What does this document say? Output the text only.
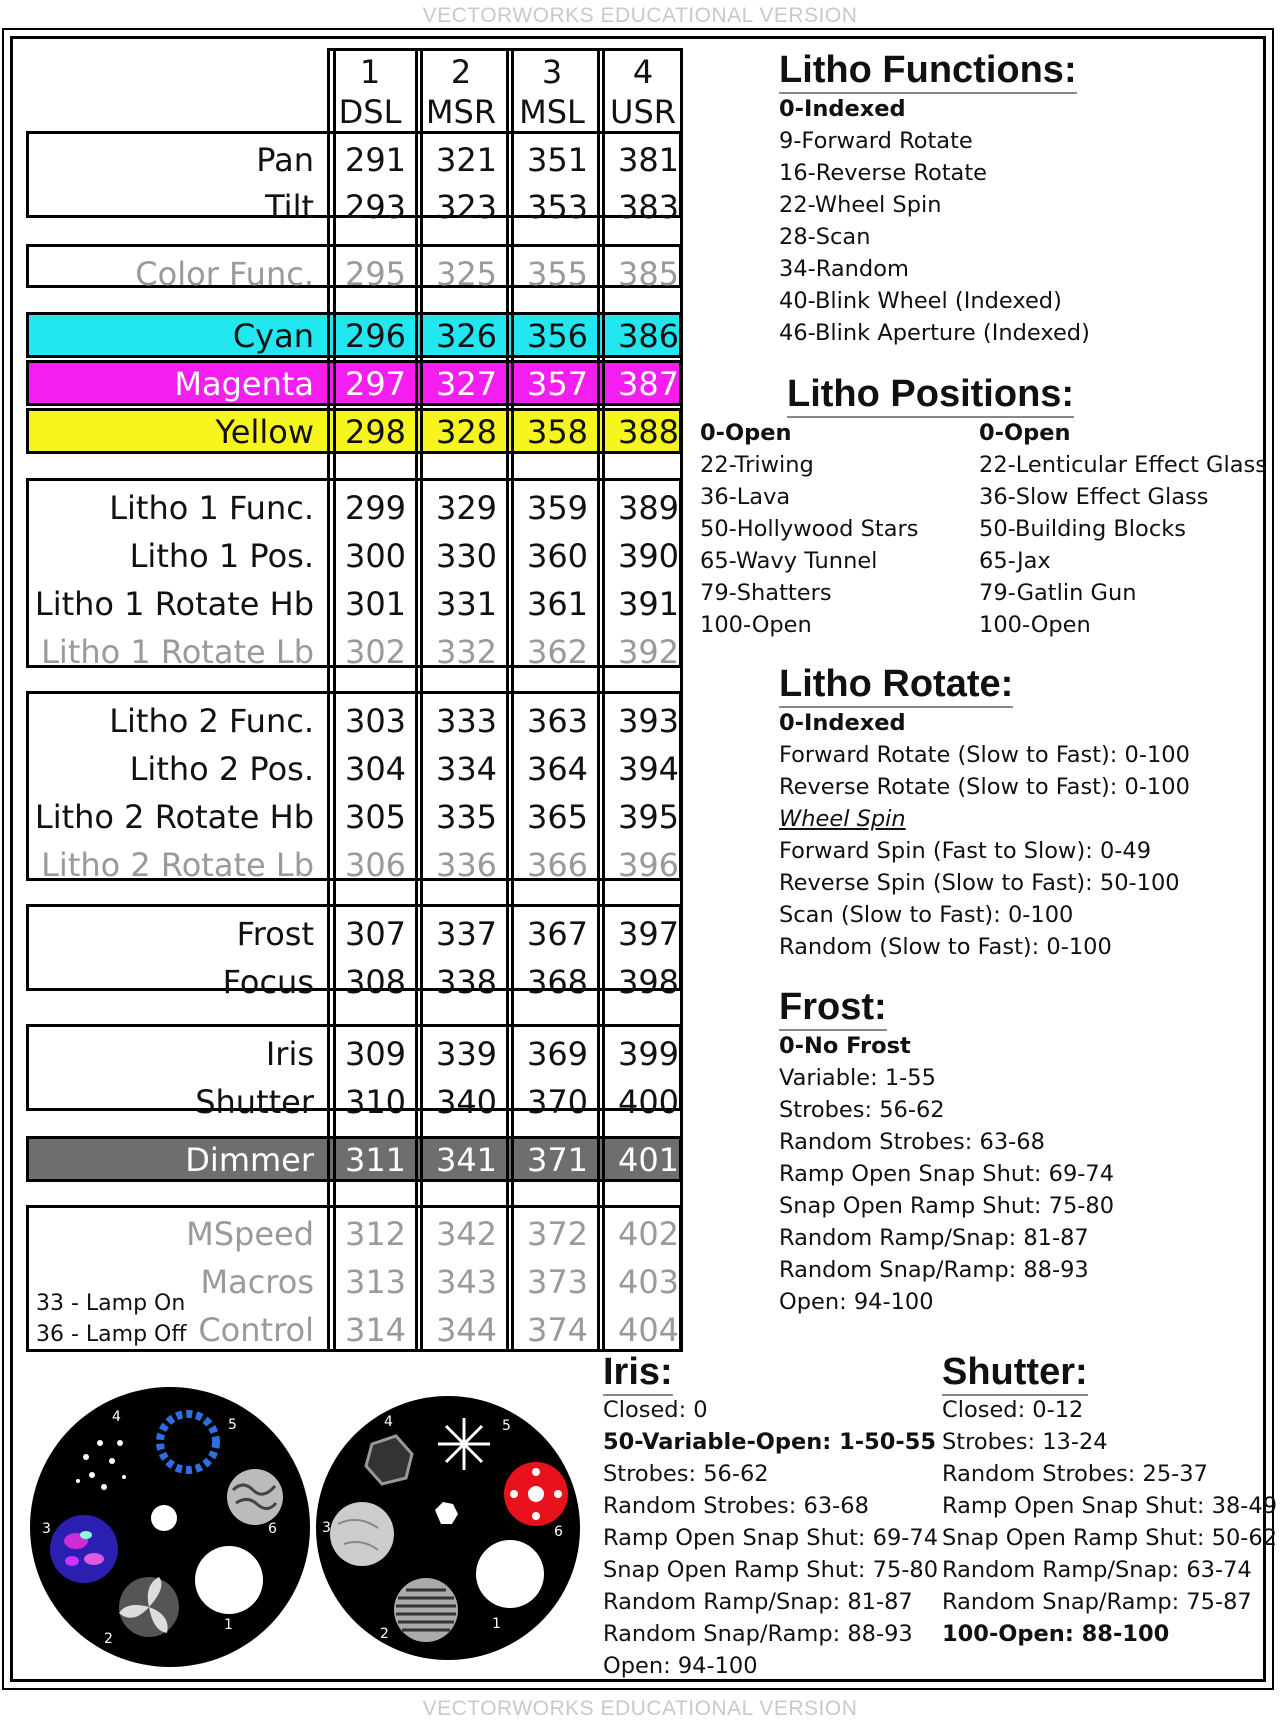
VECTORWORKS EDUCATIONAL VERSION
VECTORWORKS EDUCATIONAL VERSION
1
DSL
2
MSR
3
MSL
4
USR
Pan 291 321 351 381
Tilt 293 323 353 383
Color Func. 295 325 355 385
Cyan 296 326 356 386
Magenta 297 327 357 387
Yellow 298 328 358 388
Litho 1 Func. 299 329 359 389
Litho 1 Pos. 300 330 360 390
Litho 1 Rotate Hb 301 331 361 391
Litho 1 Rotate Lb 302 332 362 392
Litho 2 Func. 303 333 363 393
Litho 2 Pos. 304 334 364 394
Litho 2 Rotate Hb 305 335 365 395
Litho 2 Rotate Lb 306 336 366 396
Frost 307 337 367 397
Focus 308 338 368 398
Iris 309 339 369 399
Shutter 310 340 370 400
Dimmer 311 341 371 401
MSpeed 312 342 372 402
Macros 313 343 373 403
Control 314 344 374 404
33 - Lamp On
36 - Lamp Off
Litho Functions:
0-Indexed
9-Forward Rotate
16-Reverse Rotate
22-Wheel Spin
28-Scan
34-Random
40-Blink Wheel (Indexed)
46-Blink Aperture (Indexed)
Litho Positions:
0-Open
22-Triwing
36-Lava
50-Hollywood Stars
65-Wavy Tunnel
79-Shatters
100-Open
0-Open
22-Lenticular Effect Glass
36-Slow Effect Glass
50-Building Blocks
65-Jax
79-Gatlin Gun
100-Open
Litho Rotate:
0-Indexed
Forward Rotate (Slow to Fast): 0-100
Reverse Rotate (Slow to Fast): 0-100
Wheel Spin
Forward Spin (Fast to Slow): 0-49
Reverse Spin (Slow to Fast): 50-100
Scan (Slow to Fast): 0-100
Random (Slow to Fast): 0-100
Frost:
0-No Frost
Variable: 1-55
Strobes: 56-62
Random Strobes: 63-68
Ramp Open Snap Shut: 69-74
Snap Open Ramp Shut: 75-80
Random Ramp/Snap: 81-87
Random Snap/Ramp: 88-93
Open: 94-100
Iris:
Closed: 0
50-Variable-Open: 1-50-55
Strobes: 56-62
Random Strobes: 63-68
Ramp Open Snap Shut: 69-74
Snap Open Ramp Shut: 75-80
Random Ramp/Snap: 81-87
Random Snap/Ramp: 88-93
Open: 94-100
Shutter:
Closed: 0-12
Strobes: 13-24
Random Strobes: 25-37
Ramp Open Snap Shut: 38-49
Snap Open Ramp Shut: 50-62
Random Ramp/Snap: 63-74
Random Snap/Ramp: 75-87
100-Open: 88-100
4	5
6
1
2
3
4	5
6
1
2
3
